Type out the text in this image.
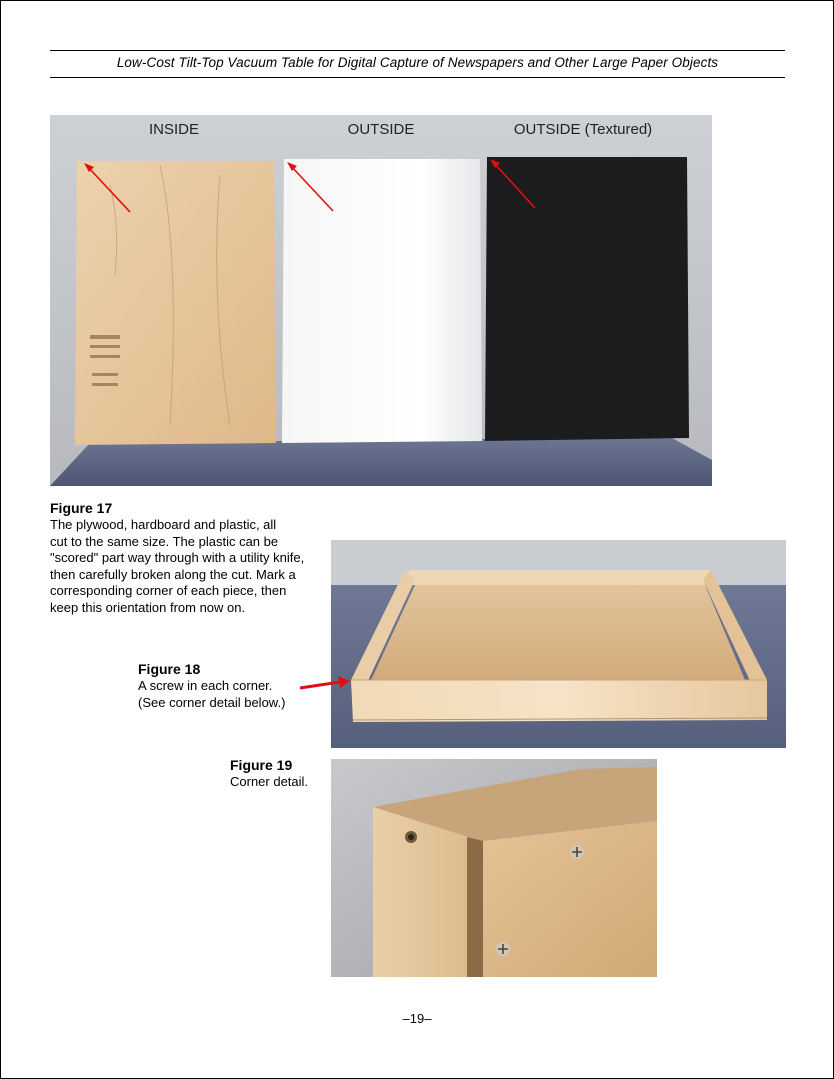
Low-Cost Tilt-Top Vacuum Table for Digital Capture of Newspapers and Other Large Paper Objects
INSIDE	OUTSIDE	OUTSIDE (Textured)
Figure 17
The plywood, hardboard and plastic, all
cut to the same size. The plastic can be
"scored" part way through with a utility knife,
then carefully broken along the cut. Mark a
corresponding corner of each piece, then
keep this orientation from now on.
Figure 18
A screw in each corner.
(See corner detail below.)
Figure 19
Corner detail.
–19–
